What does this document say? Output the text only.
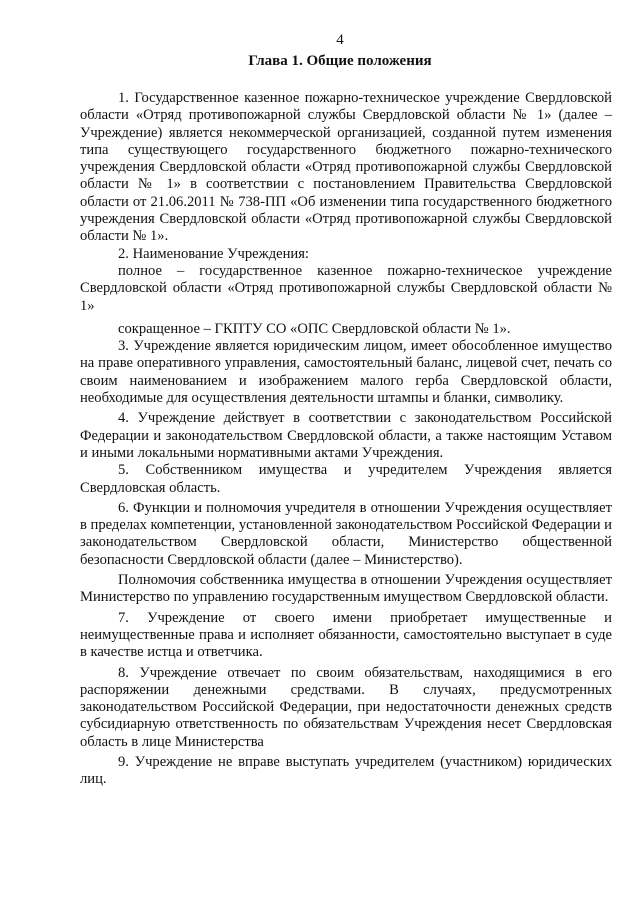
4
Глава 1. Общие положения

1. Государственное казенное пожарно-техническое учреждение Свердловской области «Отряд противопожарной службы Свердловской области № 1» (далее – Учреждение) является некоммерческой организацией, созданной путем изменения типа существующего государственного бюджетного пожарно-технического учреждения Свердловской области «Отряд противопожарной службы Свердловской области № 1» в соответствии с постановлением Правительства Свердловской области от 21.06.2011 № 738-ПП «Об изменении типа государственного бюджетного учреждения Свердловской области «Отряд противопожарной службы Свердловской области № 1».

2. Наименование Учреждения:

полное – государственное казенное пожарно-техническое учреждение Свердловской области «Отряд противопожарной службы Свердловской области № 1»

сокращенное – ГКПТУ СО «ОПС Свердловской области № 1».

3. Учреждение является юридическим лицом, имеет обособленное имущество на праве оперативного управления, самостоятельный баланс, лицевой счет, печать со своим наименованием и изображением малого герба Свердловской области, необходимые для осуществления деятельности штампы и бланки, символику.

4. Учреждение действует в соответствии с законодательством Российской Федерации и законодательством Свердловской области, а также настоящим Уставом и иными локальными нормативными актами Учреждения.

5. Собственником имущества и учредителем Учреждения является Свердловская область.

6. Функции и полномочия учредителя в отношении Учреждения осуществляет в пределах компетенции, установленной законодательством Российской Федерации и законодательством Свердловской области, Министерство общественной безопасности Свердловской области (далее – Министерство).

Полномочия собственника имущества в отношении Учреждения осуществляет Министерство по управлению государственным имуществом Свердловской области.

7. Учреждение от своего имени приобретает имущественные и неимущественные права и исполняет обязанности, самостоятельно выступает в суде в качестве истца и ответчика.

8. Учреждение отвечает по своим обязательствам, находящимися в его распоряжении денежными средствами. В случаях, предусмотренных законодательством Российской Федерации, при недостаточности денежных средств субсидиарную ответственность по обязательствам Учреждения несет Свердловская область в лице Министерства

9. Учреждение не вправе выступать учредителем (участником) юридических лиц.
